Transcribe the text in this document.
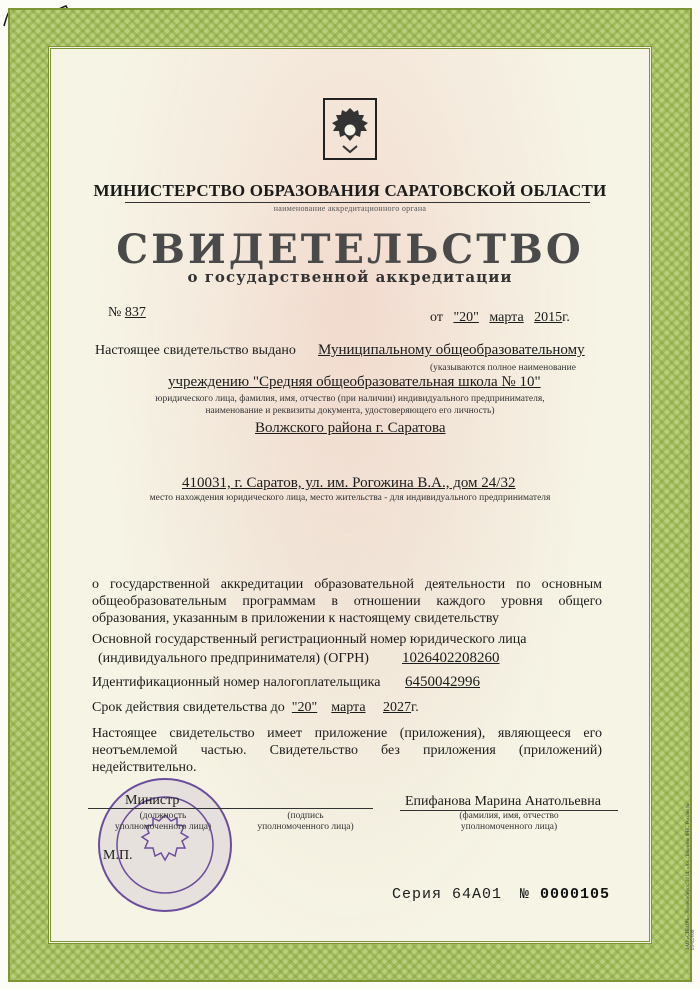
МИНИСТЕРСТВО ОБРАЗОВАНИЯ САРАТОВСКОЙ ОБЛАСТИ
наименование аккредитационного органа
СВИДЕТЕЛЬСТВО
о государственной аккредитации
№ 837	от "20" марта 2015г.
Настоящее свидетельство выдано Муниципальному общеобразовательному
(указываются полное наименование
учреждению "Средняя общеобразовательная школа № 10"
юридического лица, фамилия, имя, отчество (при наличии) индивидуального предпринимателя,
наименование и реквизиты документа, удостоверяющего его личность)
Волжского района г. Саратова
410031, г. Саратов, ул. им. Рогожина В.А., дом 24/32
место нахождения юридического лица, место жительства - для индивидуального предпринимателя
о государственной аккредитации образовательной деятельности по основным общеобразовательным программам в отношении каждого уровня общего образования, указанным в приложении к настоящему свидетельству
Основной государственный регистрационный номер юридического лица
(индивидуального предпринимателя) (ОГРН) 1026402208260
Идентификационный номер налогоплательщика 6450042996
Срок действия свидетельства до "20" марта 2027г.
Настоящее свидетельство имеет приложение (приложения), являющееся его неотъемлемой частью. Свидетельство без приложения (приложений) недействительно.
Министр
(должность
уполномоченного лица)
М.П.
(подпись
уполномоченного лица)
Епифанова Марина Анатольевна
(фамилия, имя, отчество
уполномоченного лица)
Серия 64А01 № 0000105	ЗАО «СИБИРЬ», Новосибирск, 2014, «А», Лицензия ФНС России № 05-05/008
